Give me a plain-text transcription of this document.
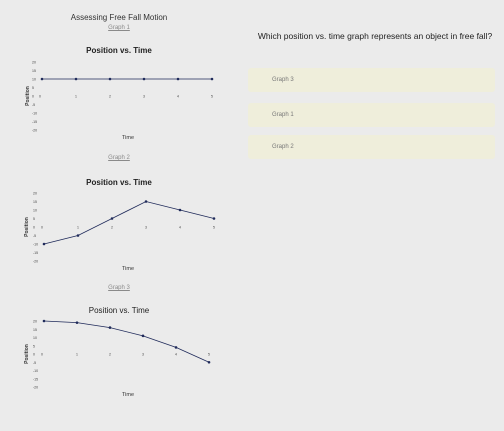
Assessing Free Fall Motion
Graph 1
Position vs. Time
20
15
10
5
0
-5
-10
-15
-20
0	1	2	3	4	5
Position
Time
Graph 2
Position vs. Time
20
15
10
5
0
-5
-10
-15
-20
0	1	2	3	4	5
Position
Time
Graph 3
Position vs. Time
20
15
10
5
0
-5
-10
-15
-20
0	1	2	3	4	5
Position
Time
Which position vs. time graph represents an object in free fall?
Graph 3
Graph 1
Graph 2
